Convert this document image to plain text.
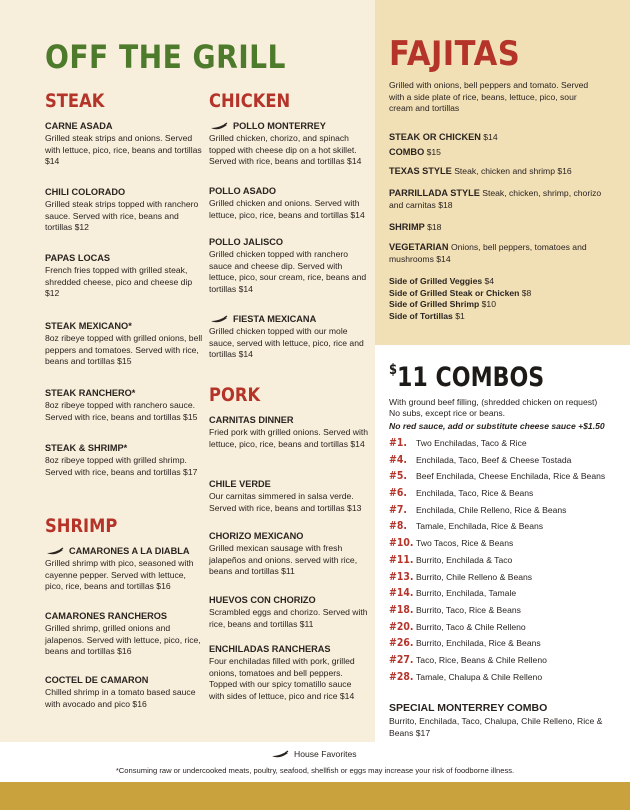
OFF THE GRILL
STEAK
CARNE ASADA
Grilled steak strips and onions. Served with lettuce, pico, rice, beans and tortillas $14
CHILI COLORADO
Grilled steak strips topped with ranchero sauce. Served with rice, beans and tortillas $12
PAPAS LOCAS
French fries topped with grilled steak, shredded cheese, pico and cheese dip $12
STEAK MEXICANO*
8oz ribeye topped with grilled onions, bell peppers and tomatoes. Served with rice, beans and tortillas $15
STEAK RANCHERO*
8oz ribeye topped with ranchero sauce. Served with rice, beans and tortillas $15
STEAK & SHRIMP*
8oz ribeye topped with grilled shrimp. Served with rice, beans and tortillas $17
SHRIMP
CAMARONES A LA DIABLA
Grilled shrimp with pico, seasoned with cayenne pepper. Served with lettuce, pico, rice, beans and tortillas $16
CAMARONES RANCHEROS
Grilled shrimp, grilled onions and jalapenos. Served with lettuce, pico, rice, beans and tortillas $16
COCTEL DE CAMARON
Chilled shrimp in a tomato based sauce with avocado and pico $16
CHICKEN
POLLO MONTERREY
Grilled chicken, chorizo, and spinach topped with cheese dip on a hot skillet. Served with rice, beans and tortillas $14
POLLO ASADO
Grilled chicken and onions. Served with lettuce, pico, rice, beans and tortillas $14
POLLO JALISCO
Grilled chicken topped with ranchero sauce and cheese dip. Served with lettuce, pico, sour cream, rice, beans and tortillas $14
FIESTA MEXICANA
Grilled chicken topped with our mole sauce, served with lettuce, pico, rice and tortillas $14
PORK
CARNITAS DINNER
Fried pork with grilled onions. Served with lettuce, pico, rice, beans and tortillas $14
CHILE VERDE
Our carnitas simmered in salsa verde. Served with rice, beans and tortillas $13
CHORIZO MEXICANO
Grilled mexican sausage with fresh jalapeños and onions. served with rice, beans and tortillas $11
HUEVOS CON CHORIZO
Scrambled eggs and chorizo. Served with rice, beans and tortillas $11
ENCHILADAS RANCHERAS
Four enchiladas filled with pork, grilled onions, tomatoes and bell peppers. Topped with our spicy tomatillo sauce with sides of lettuce, pico and rice $14
FAJITAS
Grilled with onions, bell peppers and tomato. Served with a side plate of rice, beans, lettuce, pico, sour cream and tortillas
STEAK OR CHICKEN $14
COMBO $15
TEXAS STYLE Steak, chicken and shrimp $16
PARRILLADA STYLE Steak, chicken, shrimp, chorizo and carnitas $18
SHRIMP $18
VEGETARIAN Onions, bell peppers, tomatoes and mushrooms $14
Side of Grilled Veggies $4
Side of Grilled Steak or Chicken $8
Side of Grilled Shrimp $10
Side of Tortillas $1
$11 COMBOS
With ground beef filling, (shredded chicken on request) No subs, except rice or beans.
No red sauce, add or substitute cheese sauce +$1.50
#1.	Two Enchiladas, Taco & Rice
#4.	Enchilada, Taco, Beef & Cheese Tostada
#5.	Beef Enchilada, Cheese Enchilada, Rice & Beans
#6.	Enchilada, Taco, Rice & Beans
#7.	Enchilada, Chile Relleno, Rice & Beans
#8.	Tamale, Enchilada, Rice & Beans
#10. Two Tacos, Rice & Beans
#11. Burrito, Enchilada & Taco
#13. Burrito, Chile Relleno & Beans
#14. Burrito, Enchilada, Tamale
#18. Burrito, Taco, Rice & Beans
#20. Burrito, Taco & Chile Relleno
#26. Burrito, Enchilada, Rice & Beans
#27. Taco, Rice, Beans & Chile Relleno
#28. Tamale, Chalupa & Chile Relleno
SPECIAL MONTERREY COMBO
Burrito, Enchilada, Taco, Chalupa, Chile Relleno, Rice & Beans $17
House Favorites
*Consuming raw or undercooked meats, poultry, seafood, shellfish or eggs may increase your risk of foodborne illness.
